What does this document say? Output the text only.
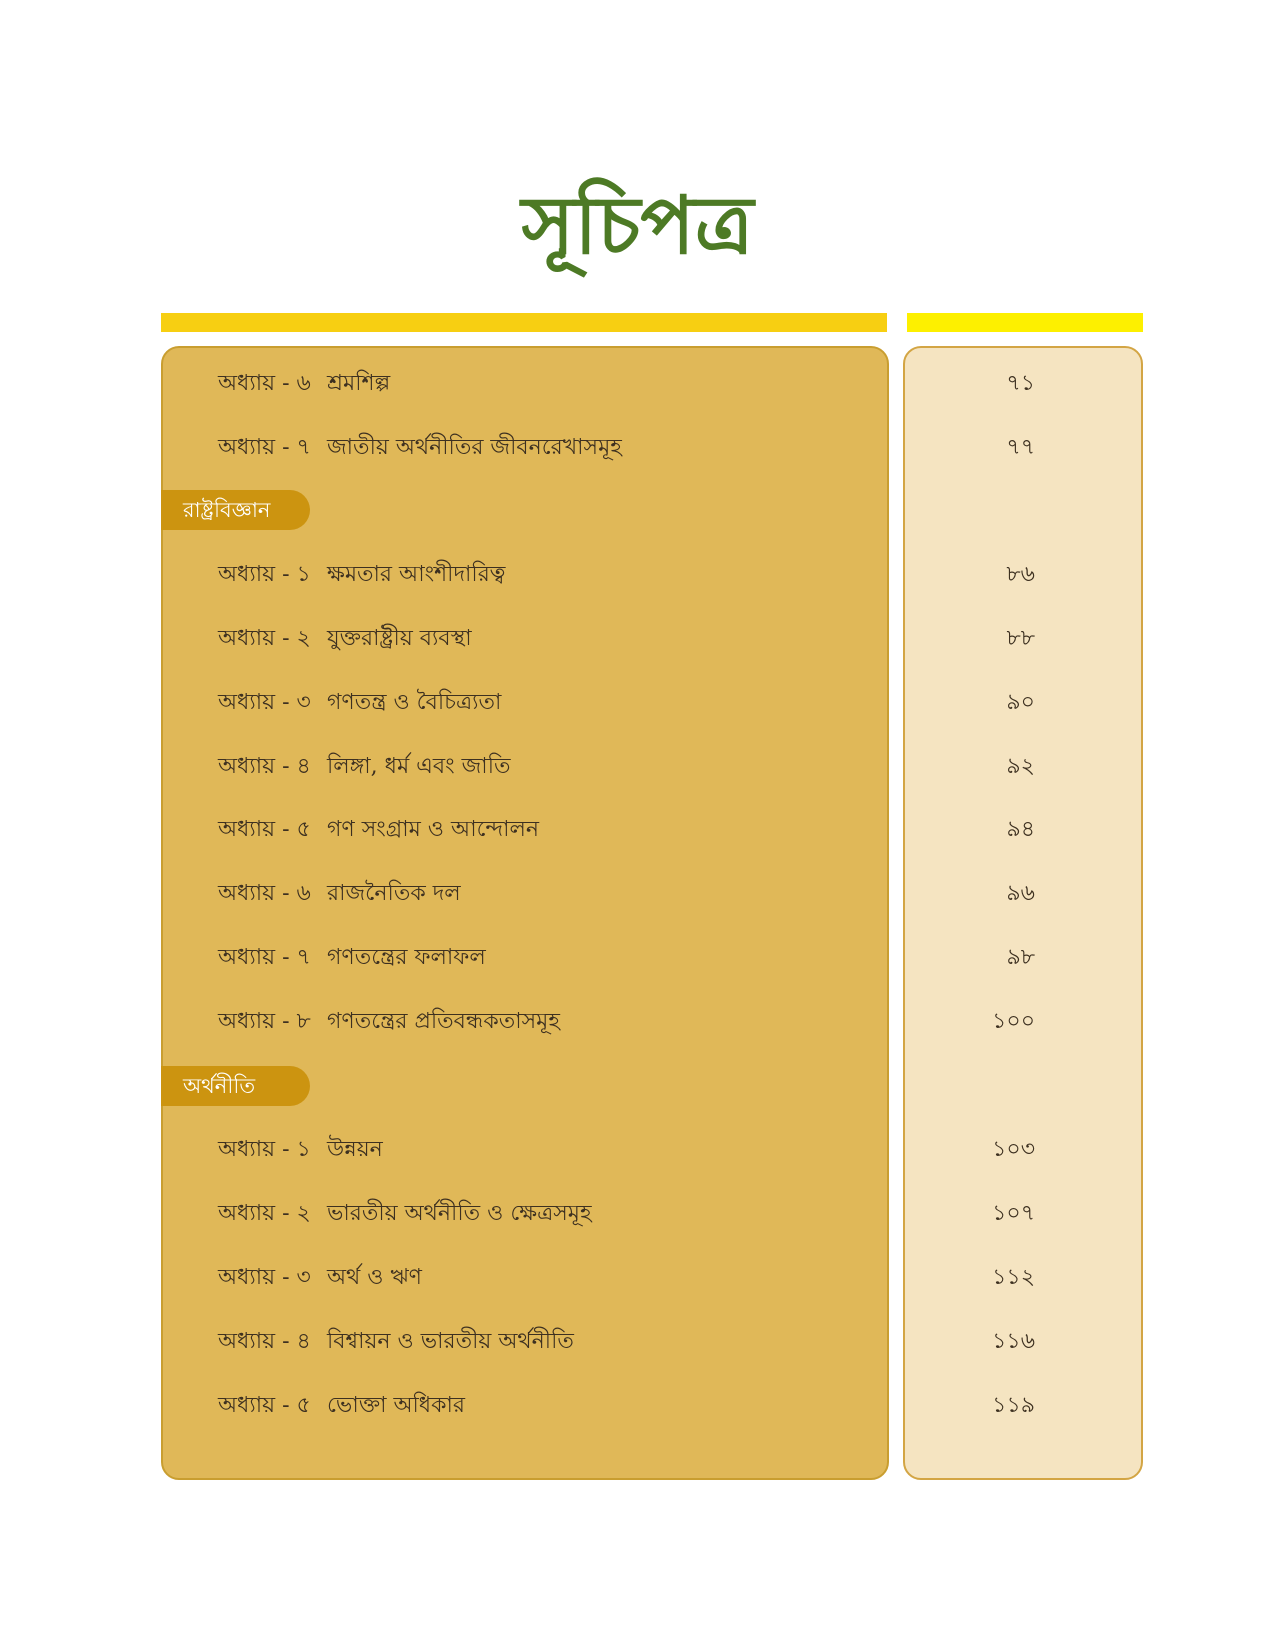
সূচিপত্র
অধ্যায় - ৬ শ্রমশিল্প	৭১
অধ্যায় - ৭ জাতীয় অর্থনীতির জীবনরেখাসমূহ	৭৭
রাষ্ট্রবিজ্ঞান
অধ্যায় - ১ ক্ষমতার আংশীদারিত্ব	৮৬
অধ্যায় - ২ যুক্তরাষ্ট্রীয় ব্যবস্থা	৮৮
অধ্যায় - ৩ গণতন্ত্র ও বৈচিত্র্যতা	৯০
অধ্যায় - ৪ লিঙ্গা, ধর্ম এবং জাতি	৯২
অধ্যায় - ৫ গণ সংগ্রাম ও আন্দোলন	৯৪
অধ্যায় - ৬ রাজনৈতিক দল	৯৬
অধ্যায় - ৭ গণতন্ত্রের ফলাফল	৯৮
অধ্যায় - ৮ গণতন্ত্রের প্রতিবন্ধকতাসমূহ	১০০
অর্থনীতি
অধ্যায় - ১ উন্নয়ন	১০৩
অধ্যায় - ২ ভারতীয় অর্থনীতি ও ক্ষেত্রসমূহ	১০৭
অধ্যায় - ৩ অর্থ ও ঋণ	১১২
অধ্যায় - ৪ বিশ্বায়ন ও ভারতীয় অর্থনীতি	১১৬
অধ্যায় - ৫ ভোক্তা অধিকার	১১৯
